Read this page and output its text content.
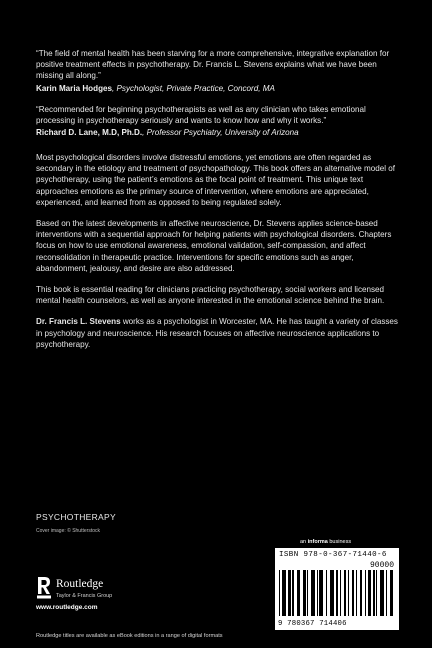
“The field of mental health has been starving for a more comprehensive, integrative explanation for positive treatment effects in psychotherapy. Dr. Francis L. Stevens explains what we have been missing all along.”

Karin Maria Hodges, Psychologist, Private Practice, Concord, MA

“Recommended for beginning psychotherapists as well as any clinician who takes emotional processing in psychotherapy seriously and wants to know how and why it works.”

Richard D. Lane, M.D, Ph.D., Professor Psychiatry, University of Arizona

Most psychological disorders involve distressful emotions, yet emotions are often regarded as secondary in the etiology and treatment of psychopathology. This book offers an alternative model of psychotherapy, using the patient’s emotions as the focal point of treatment. This unique text approaches emotions as the primary source of intervention, where emotions are appreciated, experienced, and learned from as opposed to being regulated solely.

Based on the latest developments in affective neuroscience, Dr. Stevens applies science-based interventions with a sequential approach for helping patients with psychological disorders. Chapters focus on how to use emotional awareness, emotional validation, self-compassion, and affect reconsolidation in therapeutic practice. Interventions for specific emotions such as anger, abandonment, jealousy, and desire are also addressed.

This book is essential reading for clinicians practicing psychotherapy, social workers and licensed mental health counselors, as well as anyone interested in the emotional science behind the brain.

Dr. Francis L. Stevens works as a psychologist in Worcester, MA. He has taught a variety of classes in psychology and neuroscience. His research focuses on affective neuroscience applications to psychotherapy.

PSYCHOTHERAPY
Cover image: © Shutterstock
an informa business
Routledge
Taylor & Francis Group
www.routledge.com
ISBN 978-0-367-71440-6
90000
9 780367 714406
Routledge titles are available as eBook editions in a range of digital formats
